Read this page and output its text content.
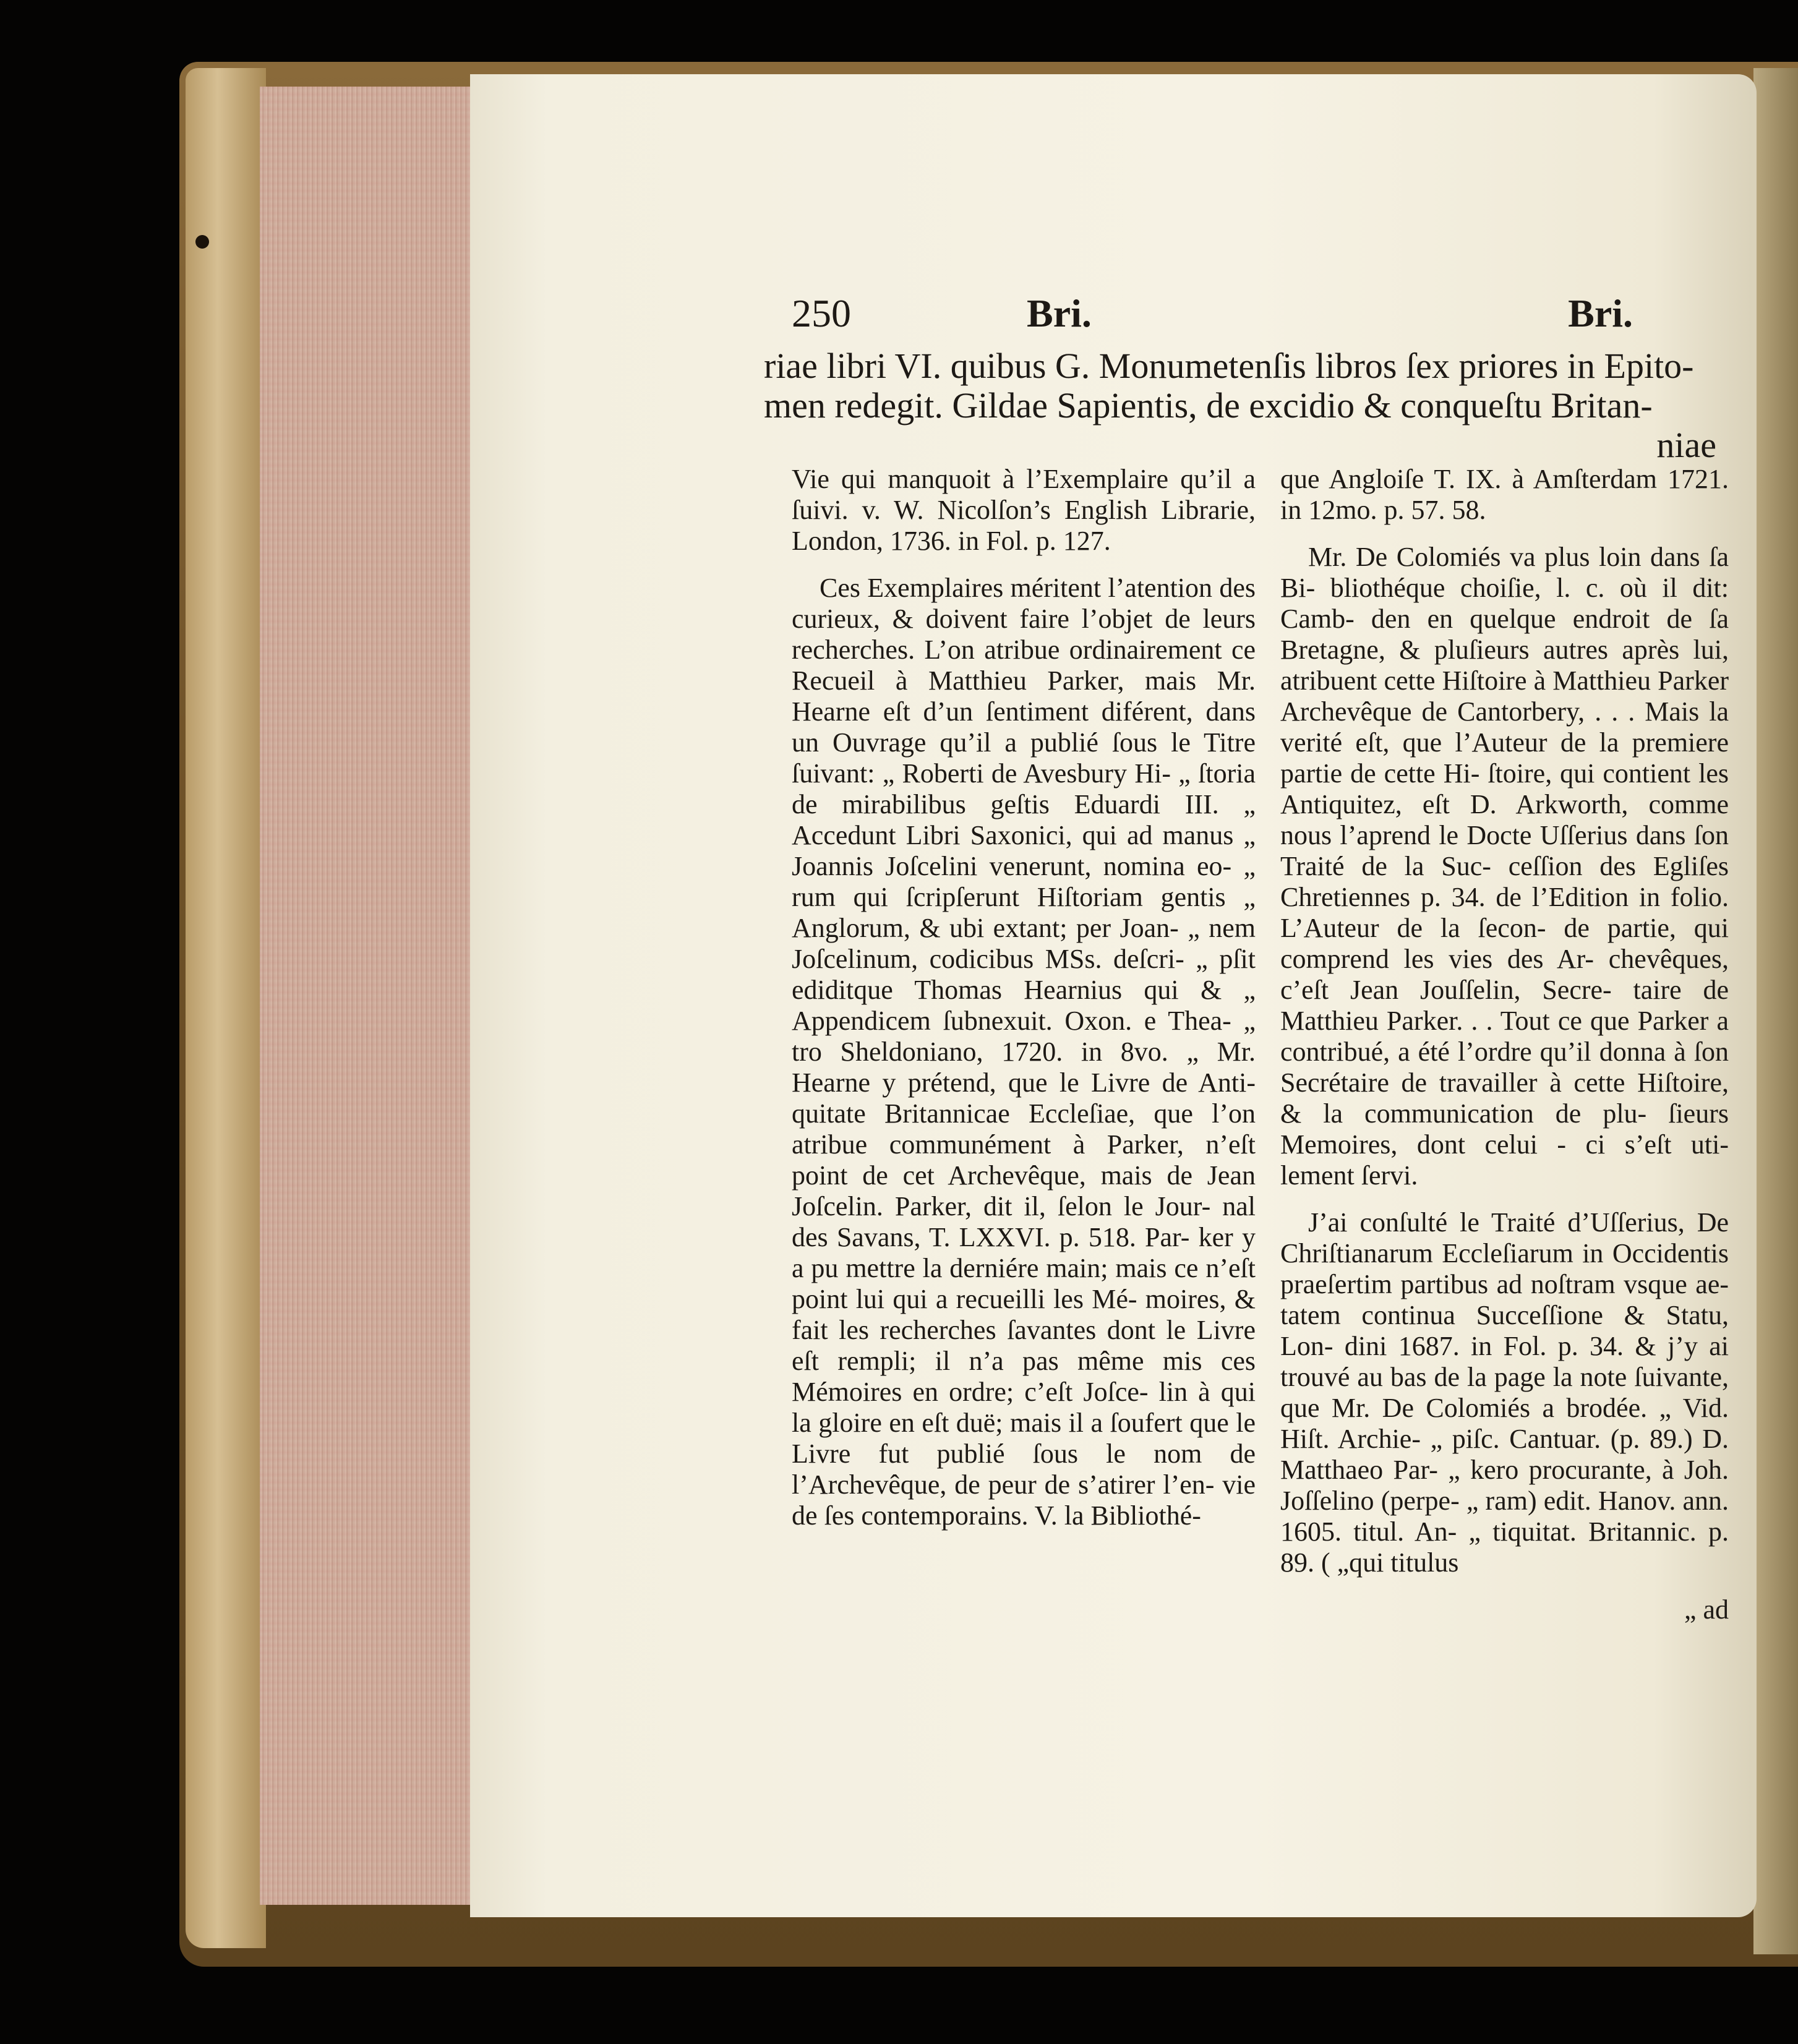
250	Bri.	Bri.

riae libri VI. quibus G. Monumetenſis libros ſex priores in Epito-

men redegit. Gildae Sapientis, de excidio & conqueſtu Britan-

niae

Vie qui manquoit à l’Exemplaire qu’il a ſuivi. v. W. Nicolſon’s English Librarie, London, 1736. in Fol. p. 127.

Ces Exemplaires méritent l’atention des curieux, & doivent faire l’objet de leurs recherches. L’on atribue ordinairement ce Recueil à Matthieu Parker, mais Mr. Hearne eſt d’un ſentiment diférent, dans un Ouvrage qu’il a publié ſous le Titre ſuivant: „ Roberti de Avesbury Hi- „ ſtoria de mirabilibus geſtis Eduardi III. „ Accedunt Libri Saxonici, qui ad manus „ Joannis Joſcelini venerunt, nomina eo- „ rum qui ſcripſerunt Hiſtoriam gentis „ Anglorum, & ubi extant; per Joan- „ nem Joſcelinum, codicibus MSs. deſcri- „ pſit ediditque Thomas Hearnius qui & „ Appendicem ſubnexuit. Oxon. e Thea- „ tro Sheldoniano, 1720. in 8vo. „ Mr. Hearne y prétend, que le Livre de Anti- quitate Britannicae Eccleſiae, que l’on atribue communément à Parker, n’eſt point de cet Archevêque, mais de Jean Joſcelin. Parker, dit il, ſelon le Jour- nal des Savans, T. LXXVI. p. 518. Par- ker y a pu mettre la derniére main; mais ce n’eſt point lui qui a recueilli les Mé- moires, & fait les recherches ſavantes dont le Livre eſt rempli; il n’a pas même mis ces Mémoires en ordre; c’eſt Joſce- lin à qui la gloire en eſt duë; mais il a ſoufert que le Livre fut publié ſous le nom de l’Archevêque, de peur de s’atirer l’en- vie de ſes contemporains. V. la Bibliothé-

que Angloiſe T. IX. à Amſterdam 1721. in 12mo. p. 57. 58.

Mr. De Colomiés va plus loin dans ſa Bi- bliothéque choiſie, l. c. où il dit: Camb- den en quelque endroit de ſa Bretagne, & pluſieurs autres après lui, atribuent cette Hiſtoire à Matthieu Parker Archevêque de Cantorbery, . . . Mais la verité eſt, que l’Auteur de la premiere partie de cette Hi- ſtoire, qui contient les Antiquitez, eſt D. Arkworth, comme nous l’aprend le Docte Uſſerius dans ſon Traité de la Suc- ceſſion des Egliſes Chretiennes p. 34. de l’Edition in folio. L’Auteur de la ſecon- de partie, qui comprend les vies des Ar- chevêques, c’eſt Jean Jouſſelin, Secre- taire de Matthieu Parker. . . Tout ce que Parker a contribué, a été l’ordre qu’il donna à ſon Secrétaire de travailler à cette Hiſtoire, & la communication de plu- ſieurs Memoires, dont celui - ci s’eſt uti- lement ſervi.

J’ai conſulté le Traité d’Uſſerius, De Chriſtianarum Eccleſiarum in Occidentis praeſertim partibus ad noſtram vsque ae- tatem continua Succeſſione & Statu, Lon- dini 1687. in Fol. p. 34. & j’y ai trouvé au bas de la page la note ſuivante, que Mr. De Colomiés a brodée. „ Vid. Hiſt. Archie- „ piſc. Cantuar. (p. 89.) D. Matthaeo Par- „ kero procurante, à Joh. Joſſelino (perpe- „ ram) edit. Hanov. ann. 1605. titul. An- „ tiquitat. Britannic. p. 89. ( „qui titulus

„ ad
